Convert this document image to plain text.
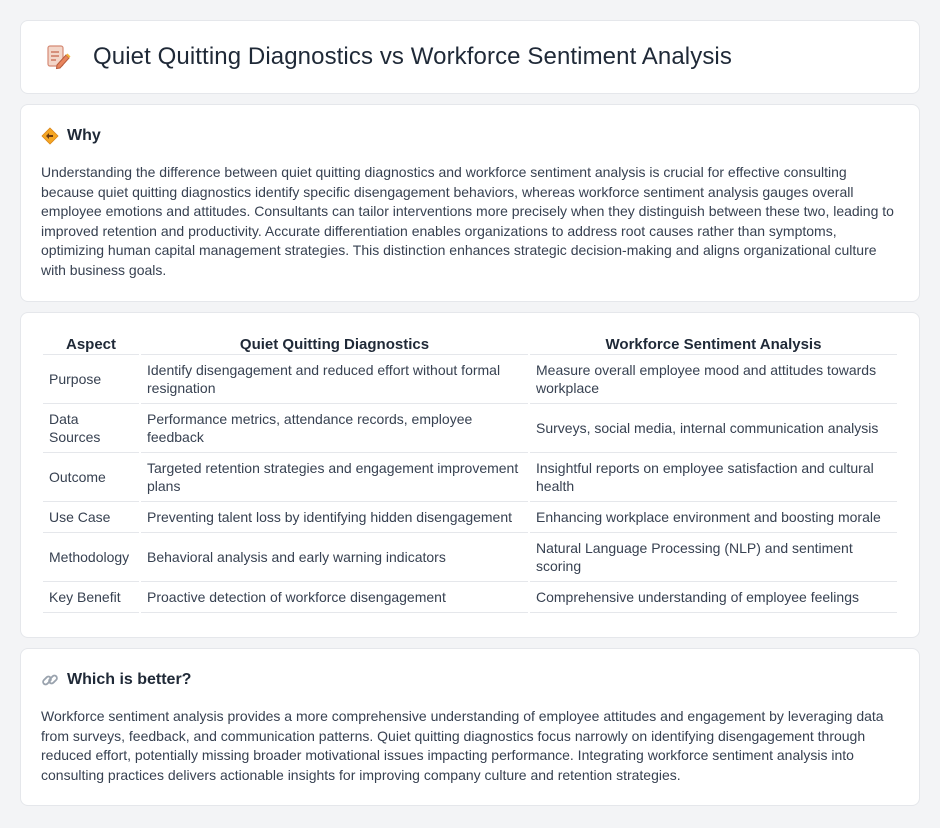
Quiet Quitting Diagnostics vs Workforce Sentiment Analysis
Why

Understanding the difference between quiet quitting diagnostics and workforce sentiment analysis is crucial for effective consulting because quiet quitting diagnostics identify specific disengagement behaviors, whereas workforce sentiment analysis gauges overall employee emotions and attitudes. Consultants can tailor interventions more precisely when they distinguish between these two, leading to improved retention and productivity. Accurate differentiation enables organizations to address root causes rather than symptoms, optimizing human capital management strategies. This distinction enhances strategic decision-making and aligns organizational culture with business goals.

Aspect	Quiet Quitting Diagnostics	Workforce Sentiment Analysis
Purpose	Identify disengagement and reduced effort without formal resignation	Measure overall employee mood and attitudes towards workplace
Data Sources	Performance metrics, attendance records, employee feedback	Surveys, social media, internal communication analysis
Outcome	Targeted retention strategies and engagement improvement plans	Insightful reports on employee satisfaction and cultural health
Use Case	Preventing talent loss by identifying hidden disengagement	Enhancing workplace environment and boosting morale
Methodology	Behavioral analysis and early warning indicators	Natural Language Processing (NLP) and sentiment scoring
Key Benefit	Proactive detection of workforce disengagement	Comprehensive understanding of employee feelings
Which is better?

Workforce sentiment analysis provides a more comprehensive understanding of employee attitudes and engagement by leveraging data from surveys, feedback, and communication patterns. Quiet quitting diagnostics focus narrowly on identifying disengagement through reduced effort, potentially missing broader motivational issues impacting performance. Integrating workforce sentiment analysis into consulting practices delivers actionable insights for improving company culture and retention strategies.
